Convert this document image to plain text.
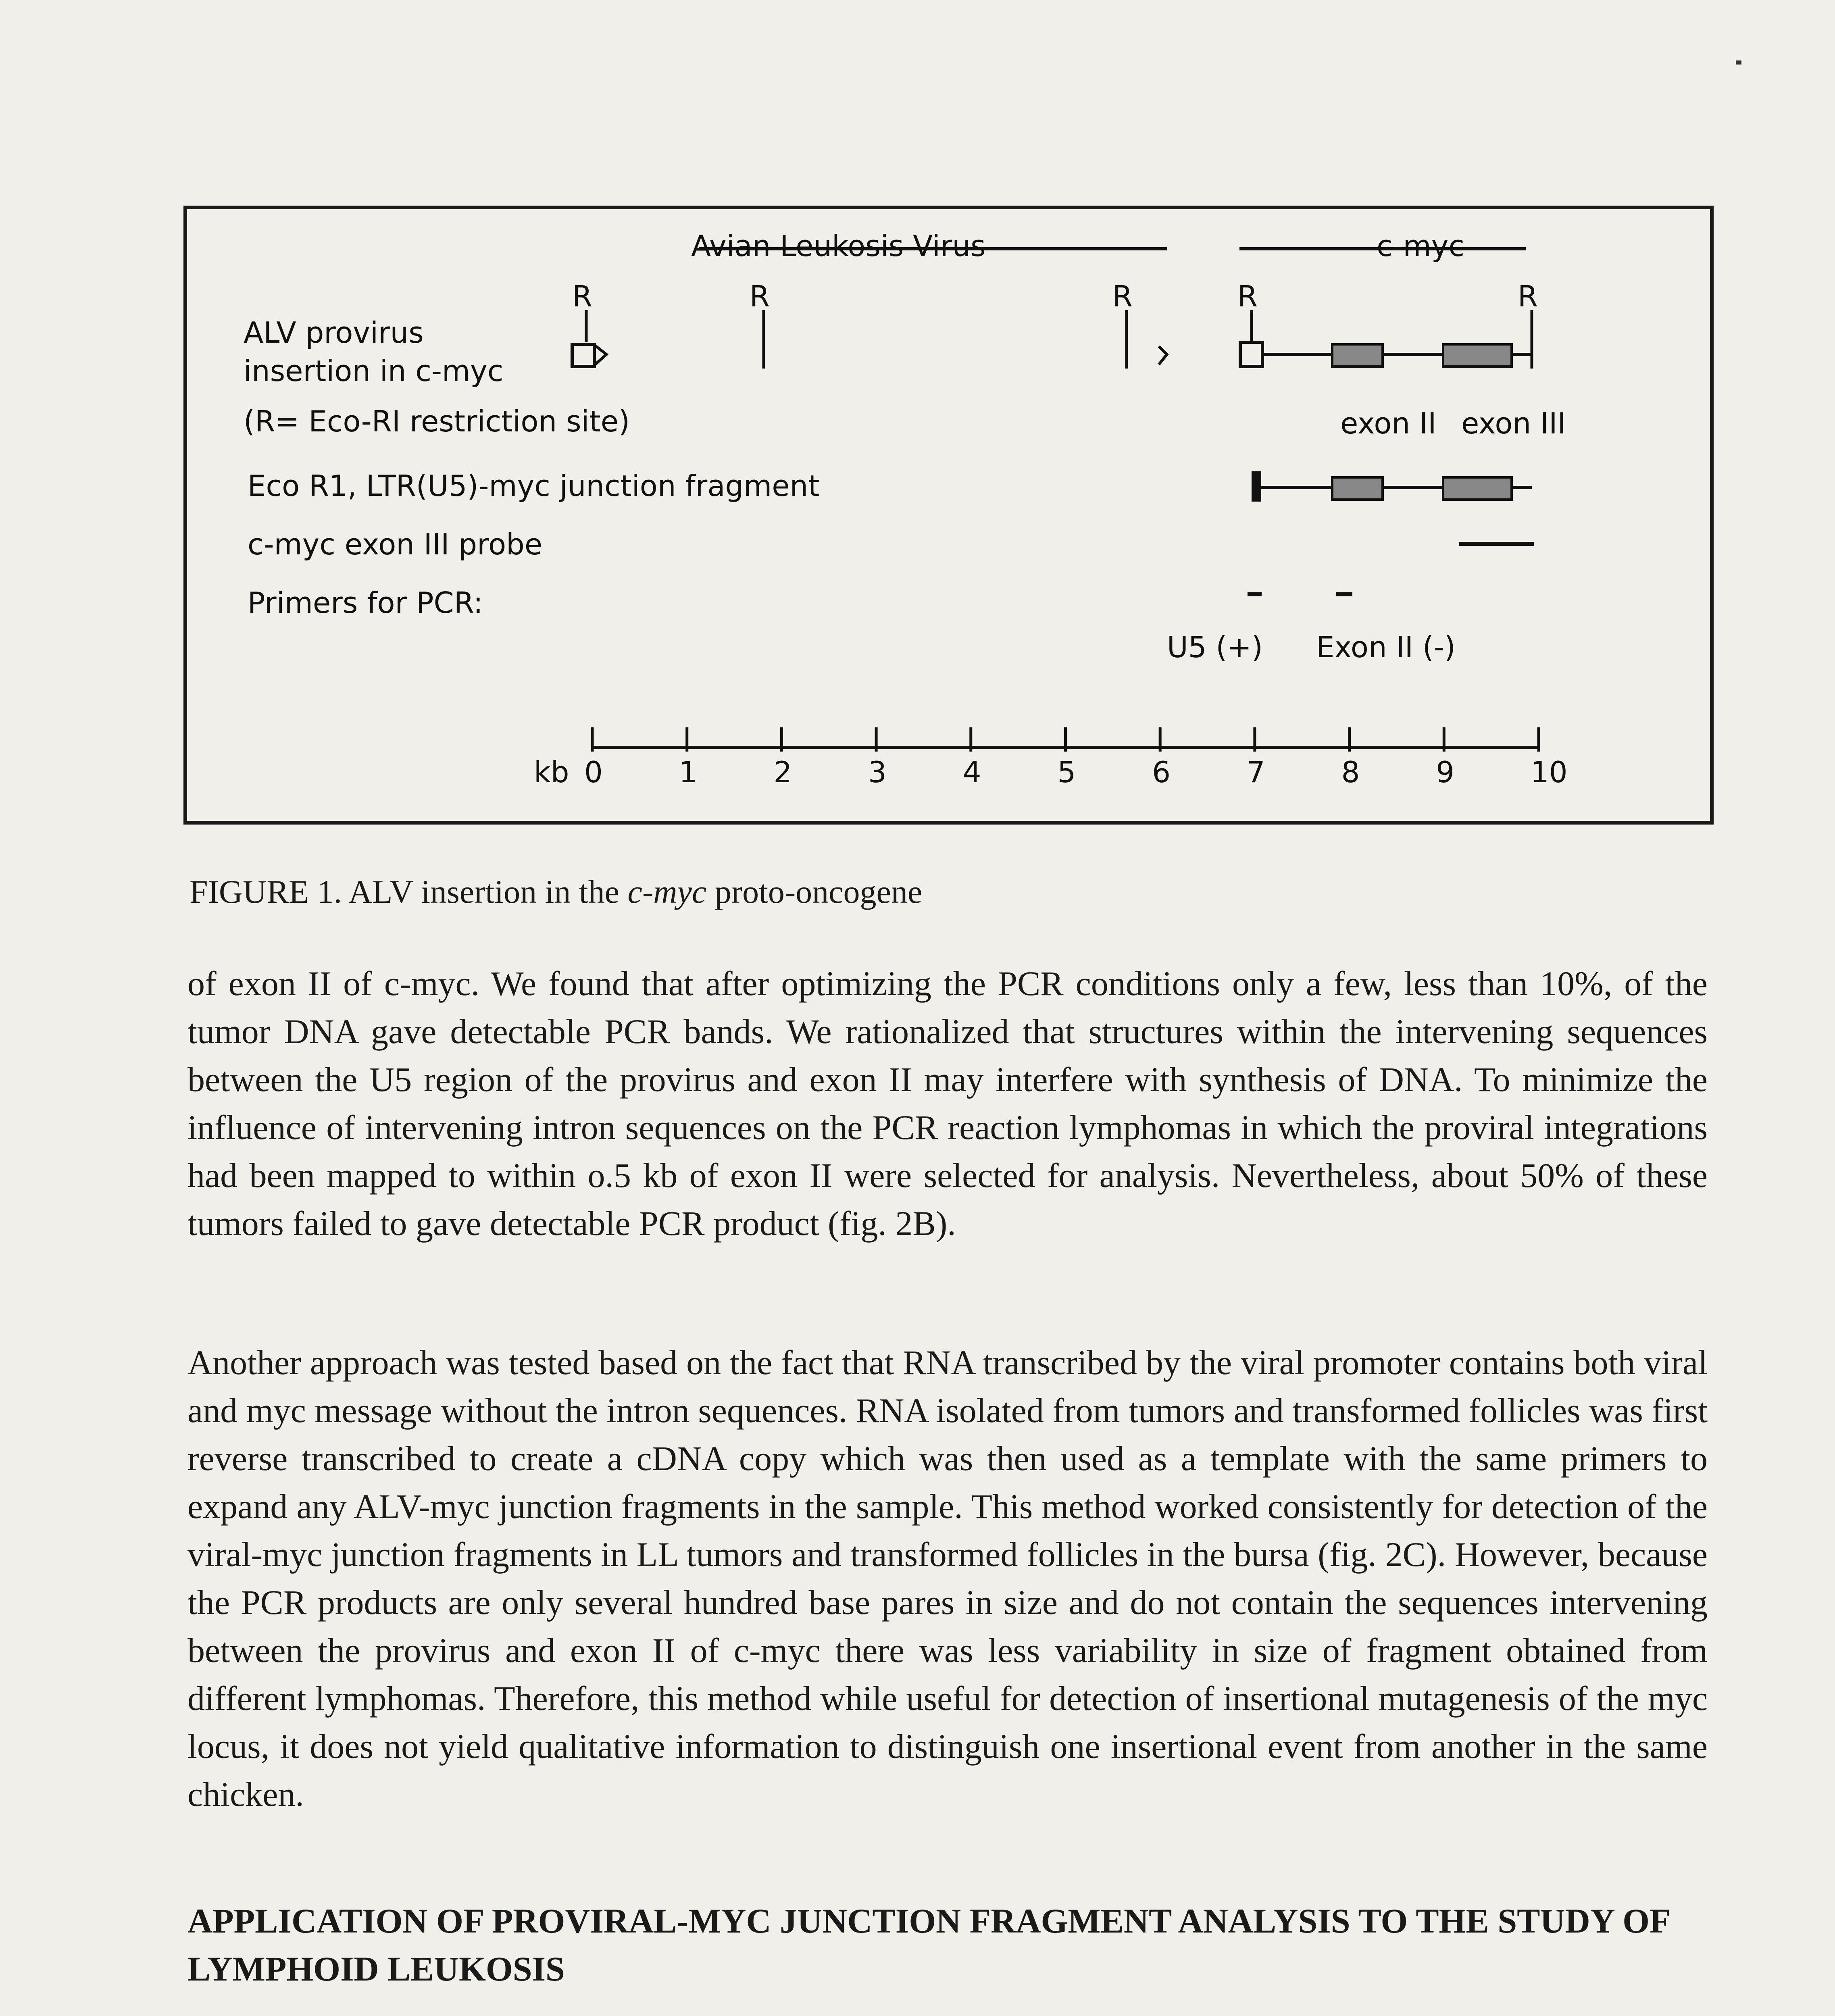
Avian Leukosis Virus	c-myc
R	R	R	R	R
ALV provirus
insertion in c-myc
(R= Eco-RI restriction site)	exon II exon III
Eco R1, LTR(U5)-myc junction fragment
c-myc exon III probe
Primers for PCR:
U5 (+) Exon II (-)
kb 0	1	2	3	4	5	6	7	8	9	10
FIGURE 1. ALV insertion in the c-myc proto-oncogene

of exon II of c-myc. We found that after optimizing the PCR conditions only a few, less than 10%, of the tumor DNA gave detectable PCR bands. We rationalized that structures within the intervening sequences between the U5 region of the provirus and exon II may interfere with synthesis of DNA. To minimize the influence of intervening intron sequences on the PCR reaction lymphomas in which the proviral integrations had been mapped to within o.5 kb of exon II were selected for analysis. Nevertheless, about 50% of these tumors failed to gave detectable PCR product (fig. 2B).

Another approach was tested based on the fact that RNA transcribed by the viral promoter contains both viral and myc message without the intron sequences. RNA isolated from tumors and transformed follicles was first reverse transcribed to create a cDNA copy which was then used as a template with the same primers to expand any ALV-myc junction fragments in the sample. This method worked consistently for detection of the viral-myc junction fragments in LL tumors and transformed follicles in the bursa (fig. 2C). However, because the PCR products are only several hundred base pares in size and do not contain the sequences intervening between the provirus and exon II of c-myc there was less variability in size of fragment obtained from different lymphomas. Therefore, this method while useful for detection of insertional mutagenesis of the myc locus, it does not yield qualitative information to distinguish one insertional event from another in the same chicken.

APPLICATION OF PROVIRAL-MYC JUNCTION FRAGMENT ANALYSIS TO THE STUDY OF LYMPHOID LEUKOSIS
